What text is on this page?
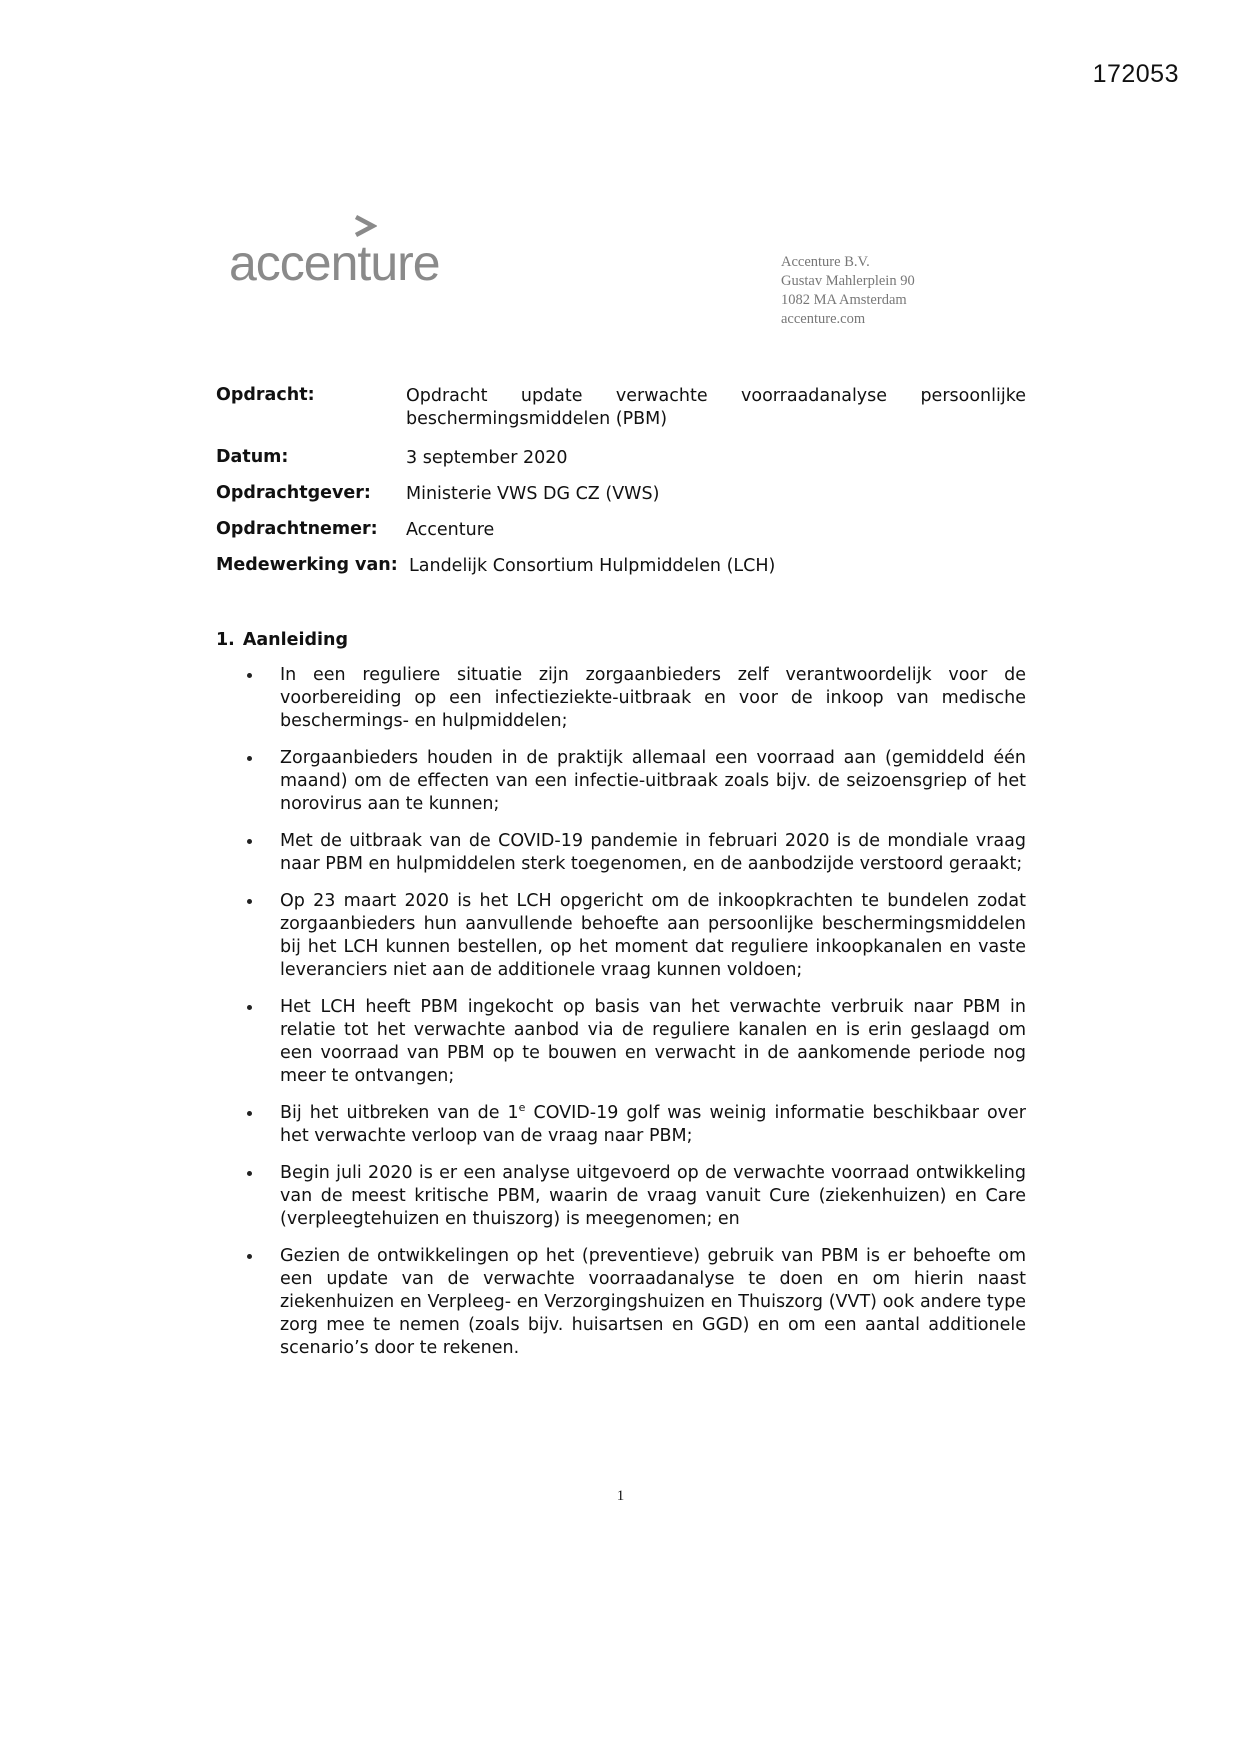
172053
accenture	Accenture B.V.
Gustav Mahlerplein 90
1082 MA Amsterdam
accenture.com
Opdracht:	Opdracht update verwachte voorraadanalyse persoonlijke beschermingsmiddelen (PBM)
Datum:	3 september 2020
Opdrachtgever: Ministerie VWS DG CZ (VWS)
Opdrachtnemer: Accenture
Medewerking van: Landelijk Consortium Hulpmiddelen (LCH)
1. Aanleiding
In een reguliere situatie zijn zorgaanbieders zelf verantwoordelijk voor de voorbereiding op een infectieziekte-uitbraak en voor de inkoop van medische beschermings- en hulpmiddelen;
Zorgaanbieders houden in de praktijk allemaal een voorraad aan (gemiddeld één maand) om de effecten van een infectie-uitbraak zoals bijv. de seizoensgriep of het norovirus aan te kunnen;
Met de uitbraak van de COVID-19 pandemie in februari 2020 is de mondiale vraag naar PBM en hulpmiddelen sterk toegenomen, en de aanbodzijde verstoord geraakt;
Op 23 maart 2020 is het LCH opgericht om de inkoopkrachten te bundelen zodat zorgaanbieders hun aanvullende behoefte aan persoonlijke beschermingsmiddelen bij het LCH kunnen bestellen, op het moment dat reguliere inkoopkanalen en vaste leveranciers niet aan de additionele vraag kunnen voldoen;
Het LCH heeft PBM ingekocht op basis van het verwachte verbruik naar PBM in relatie tot het verwachte aanbod via de reguliere kanalen en is erin geslaagd om een voorraad van PBM op te bouwen en verwacht in de aankomende periode nog meer te ontvangen;
Bij het uitbreken van de 1e COVID-19 golf was weinig informatie beschikbaar over het verwachte verloop van de vraag naar PBM;
Begin juli 2020 is er een analyse uitgevoerd op de verwachte voorraad ontwikkeling van de meest kritische PBM, waarin de vraag vanuit Cure (ziekenhuizen) en Care (verpleegtehuizen en thuiszorg) is meegenomen; en
Gezien de ontwikkelingen op het (preventieve) gebruik van PBM is er behoefte om een update van de verwachte voorraadanalyse te doen en om hierin naast ziekenhuizen en Verpleeg- en Verzorgingshuizen en Thuiszorg (VVT) ook andere type zorg mee te nemen (zoals bijv. huisartsen en GGD) en om een aantal additionele scenario’s door te rekenen.
1
